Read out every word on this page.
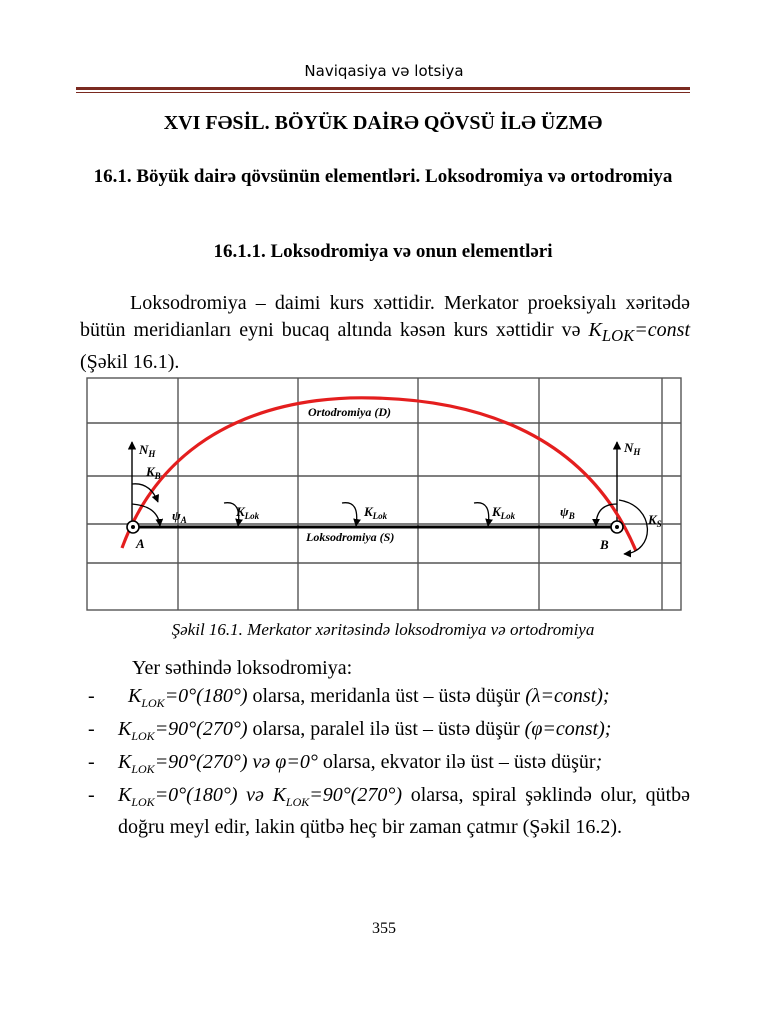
Naviqasiya və lotsiya
XVI FƏSİL. BÖYÜK DAİRƏ QÖVSÜ İLƏ ÜZMƏ
16.1. Böyük dairə qövsünün elementləri. Loksodromiya və ortodromiya
16.1.1. Loksodromiya və onun elementləri

Loksodromiya – daimi kurs xəttidir. Merkator proeksiyalı xəritədə bütün meridianları eyni bucaq altında kəsən kurs xəttidir və $K_{LOK}=const$ (Şəkil 16.1).

Ortodromiya (D)
Loksodromiya (S)
A	B
$N_H$	$N_H$
$K_B$
$\psi_A$
$K_{Lok}$	$K_{Lok}$	$K_{Lok}$	$\psi_B$	$K_S$
Şəkil 16.1. Merkator xəritəsində loksodromiya və ortodromiya
Yer səthində loksodromiya:
-	$K_{LOK}=0^\circ(180^\circ)$ olarsa, meridanla üst – üstə düşür (λ=const);
- $K_{LOK}=90^\circ(270^\circ)$ olarsa, paralel ilə üst – üstə düşür (φ=const);
- $K_{LOK}=90^\circ(270^\circ)$ və φ=0° olarsa, ekvator ilə üst – üstə düşür;
- $K_{LOK}=0^\circ(180^\circ)$ və $K_{LOK}=90^\circ(270^\circ)$ olarsa, spiral şəklində olur, qütbə doğru meyl edir, lakin qütbə heç bir zaman çatmır (Şəkil 16.2).
355
